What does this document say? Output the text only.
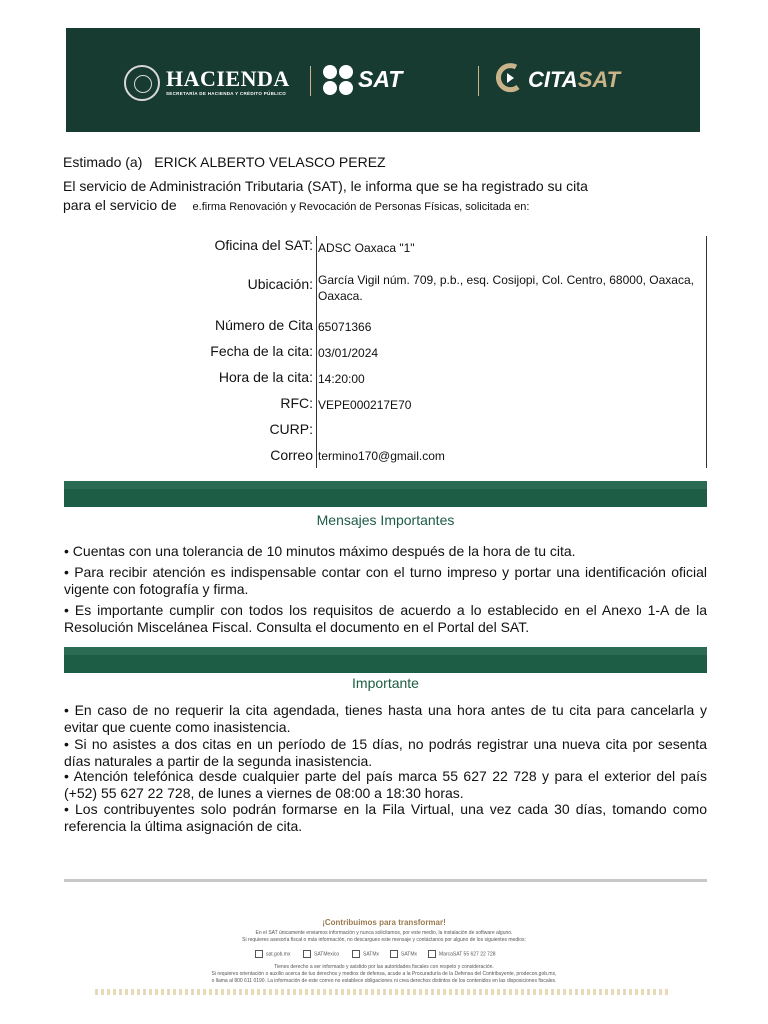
HACIENDA
SECRETARÍA DE HACIENDA Y CRÉDITO PÚBLICO
SAT	CITASAT
Estimado (a) ERICK ALBERTO VELASCO PEREZ
El servicio de Administración Tributaria (SAT), le informa que se ha registrado su cita
para el servicio de e.firma Renovación y Revocación de Personas Físicas, solicitada en:
Oficina del SAT: ADSC Oaxaca "1"
Ubicación: García Vigil núm. 709, p.b., esq. Cosijopi, Col. Centro, 68000, Oaxaca, Oaxaca.
Número de Cita 65071366
Fecha de la cita: 03/01/2024
Hora de la cita: 14:20:00
RFC: VEPE000217E70
CURP:
Correo termino170@gmail.com
Mensajes Importantes
• Cuentas con una tolerancia de 10 minutos máximo después de la hora de tu cita.
• Para recibir atención es indispensable contar con el turno impreso y portar una identificación oficial vigente con fotografía y firma.
• Es importante cumplir con todos los requisitos de acuerdo a lo establecido en el Anexo 1-A de la Resolución Miscelánea Fiscal. Consulta el documento en el Portal del SAT.
Importante
• En caso de no requerir la cita agendada, tienes hasta una hora antes de tu cita para cancelarla y evitar que cuente como inasistencia.
• Si no asistes a dos citas en un período de 15 días, no podrás registrar una nueva cita por sesenta días naturales a partir de la segunda inasistencia.
• Atención telefónica desde cualquier parte del país marca 55 627 22 728 y para el exterior del país (+52) 55 627 22 728, de lunes a viernes de 08:00 a 18:30 horas.
• Los contribuyentes solo podrán formarse en la Fila Virtual, una vez cada 30 días, tomando como referencia la última asignación de cita.
¡Contribuimos para transformar!
En el SAT únicamente enviamos información y nunca solicitamos, por este medio, la instalación de software alguno.
Si requieres asesoría fiscal o más información, no descargues este mensaje y contáctanos por alguno de los siguientes medios:
sat.gob.mx	SATMexico	SATMx	SATMx	MarcaSAT 55 627 22 728
Tienes derecho a ser informado y asistido por las autoridades fiscales con respeto y consideración.
Si requieres orientación o auxilio acerca de tus derechos y medios de defensa, acude a la Procuraduría de la Defensa del Contribuyente, prodecon.gob.mx,
o llama al 800 611 0190. La información de este correo no establece obligaciones ni crea derechos distintos de los contenidos en las disposiciones fiscales.
